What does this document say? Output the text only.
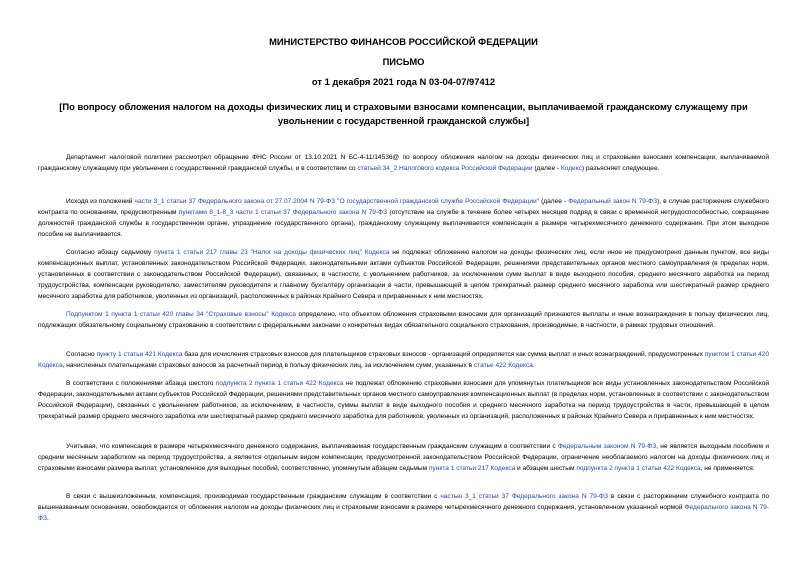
МИНИСТЕРСТВО ФИНАНСОВ РОССИЙСКОЙ ФЕДЕРАЦИИ
ПИСЬМО
от 1 декабря 2021 года N 03-04-07/97412
[По вопросу обложения налогом на доходы физических лиц и страховыми взносами компенсации, выплачиваемой гражданскому служащему при увольнении с государственной гражданской службы]

Департамент налоговой политики рассмотрел обращение ФНС России от 13.10.2021 N БС-4-11/14536@ по вопросу обложения налогом на доходы физических лиц и страховыми взносами компенсации, выплачиваемой гражданскому служащему при увольнении с государственной гражданской службы, и в соответствии со статьей 34_2 Налогового кодекса Российской Федерации (далее - Кодекс) разъясняет следующее.

Исходя из положений части 3_1 статьи 37 Федерального закона от 27.07.2004 N 79-ФЗ "О государственной гражданской службе Российской Федерации" (далее - Федеральный закон N 79-ФЗ), в случае расторжения служебного контракта по основаниям, предусмотренным пунктами 8_1-8_3 части 1 статьи 37 Федерального закона N 79-ФЗ (отсутствие на службе в течение более четырех месяцев подряд в связи с временной нетрудоспособностью, сокращение должностей гражданской службы в государственном органе, упразднение государственного органа), гражданскому служащему выплачивается компенсация в размере четырехмесячного денежного содержания. При этом выходное пособие не выплачивается.

Согласно абзацу седьмому пункта 1 статьи 217 главы 23 "Налог на доходы физических лиц" Кодекса не подлежат обложению налогом на доходы физических лиц, если иное не предусмотрено данным пунктом, все виды компенсационных выплат, установленных законодательством Российской Федерации, законодательными актами субъектов Российской Федерации, решениями представительных органов местного самоуправления (в пределах норм, установленных в соответствии с законодательством Российской Федерации), связанных, в частности, с увольнением работников, за исключением сумм выплат в виде выходного пособия, среднего месячного заработка на период трудоустройства, компенсации руководителю, заместителям руководителя и главному бухгалтеру организации в части, превышающей в целом трехкратный размер среднего месячного заработка или шестикратный размер среднего месячного заработка для работников, уволенных из организаций, расположенных в районах Крайнего Севера и приравненных к ним местностях.

Подпунктом 1 пункта 1 статьи 420 главы 34 "Страховые взносы" Кодекса определено, что объектом обложения страховыми взносами для организаций признаются выплаты и иные вознаграждения в пользу физических лиц, подлежащих обязательному социальному страхованию в соответствии с федеральными законами о конкретных видах обязательного социального страхования, производимые, в частности, в рамках трудовых отношений.

Согласно пункту 1 статьи 421 Кодекса база для исчисления страховых взносов для плательщиков страховых взносов - организаций определяется как сумма выплат и иных вознаграждений, предусмотренных пунктом 1 статьи 420 Кодекса, начисленных плательщиками страховых взносов за расчетный период в пользу физических лиц, за исключением сумм, указанных в статье 422 Кодекса.

В соответствии с положениями абзаца шестого подпункта 2 пункта 1 статьи 422 Кодекса не подлежат обложению страховыми взносами для упомянутых плательщиков все виды установленных законодательством Российской Федерации, законодательными актами субъектов Российской Федерации, решениями представительных органов местного самоуправления компенсационных выплат (в пределах норм, установленных в соответствии с законодательством Российской Федерации), связанных с увольнением работников, за исключением, в частности, суммы выплат в виде выходного пособия и среднего месячного заработка на период трудоустройства в части, превышающей в целом трехкратный размер среднего месячного заработка или шестикратный размер среднего месячного заработка для работников, уволенных из организаций, расположенных в районах Крайнего Севера и приравненных к ним местностях.

Учитывая, что компенсация в размере четырехмесячного денежного содержания, выплачиваемая государственным гражданским служащим в соответствии с Федеральным законом N 79-ФЗ, не является выходным пособием и средним месячным заработком на период трудоустройства, а является отдельным видом компенсации, предусмотренной законодательством Российской Федерации, ограничение необлагаемого налогом на доходы физических лиц и страховыми взносами размера выплат, установленное для выходных пособий, соответственно, упомянутым абзацем седьмым пункта 1 статьи 217 Кодекса и абзацем шестым подпункта 2 пункта 1 статьи 422 Кодекса, не применяется.

В связи с вышеизложенным, компенсация, производимая государственным гражданским служащим в соответствии с частью 3_1 статьи 37 Федерального закона N 79-ФЗ в связи с расторжением служебного контракта по вышеназванным основаниям, освобождается от обложения налогом на доходы физических лиц и страховыми взносами в размере четырехмесячного денежного содержания, установленном указанной нормой Федерального закона N 79-ФЗ.
